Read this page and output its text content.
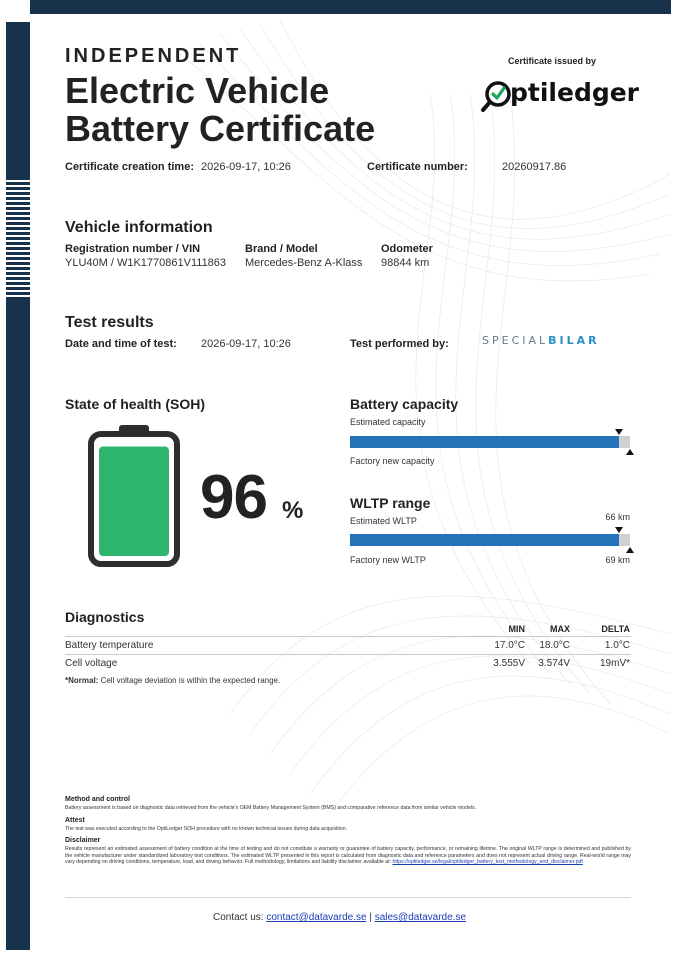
INDEPENDENT
Electric Vehicle
Battery Certificate
Certificate issued by
ptiledger
Certificate creation time: 2026-09-17, 10:26	Certificate number:	20260917.86
Vehicle information
Registration number / VIN
YLU40M / W1K1770861V111863
Brand / Model
Mercedes-Benz A-Klass
Odometer
98844 km
Test results
Date and time of test: 2026-09-17, 10:26	Test performed by:	SPECIALBILAR
State of health (SOH)
96 %
Battery capacity
Estimated capacity
Factory new capacity
WLTP range
Estimated WLTP	66 km
Factory new WLTP	69 km
Diagnostics
MIN	MAX	DELTA
Battery temperature	17.0°C	18.0°C	1.0°C
Cell voltage	3.555V	3.574V	19mV*
*Normal: Cell voltage deviation is within the expected range.
Method and control
Battery assessment is based on diagnostic data retrieved from the vehicle's OEM Battery Management System (BMS) and comparative reference data from similar vehicle models.
Attest
The test was executed according to the OptiLedger SOH procedure with no known technical issues during data acquisition.
Disclaimer
Results represent an estimated assessment of battery condition at the time of testing and do not constitute a warranty or guarantee of battery capacity, performance, or remaining lifetime. The original WLTP range is determined and published by the vehicle manufacturer under standardized laboratory test conditions. The estimated WLTP presented in this report is calculated from diagnostic data and reference parameters and does not represent actual driving range. Real-world range may vary depending on driving conditions, temperature, load, and driving behavior. Full methodology, limitations and liability disclaimer available at: https://optiledger.se/legal/optiledger_battery_test_methodology_and_disclaimer.pdf
Contact us: contact@datavarde.se | sales@datavarde.se
